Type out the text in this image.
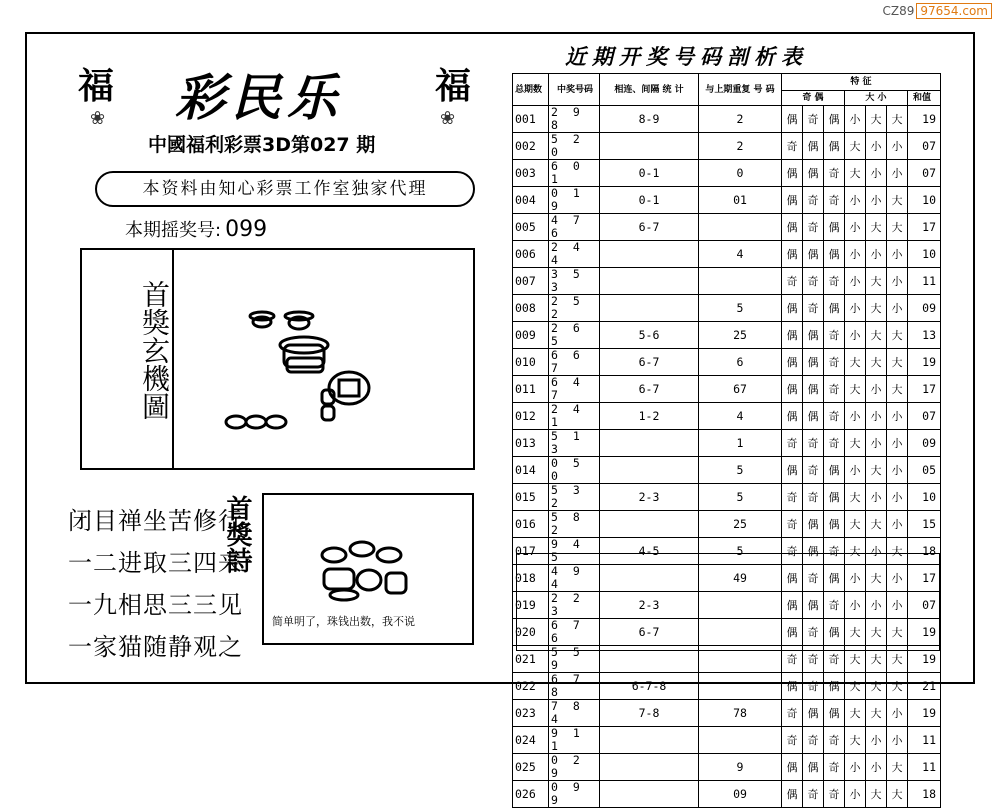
CZ89 97654.com
福
❀
福
❀
彩民乐
中國福利彩票3D第027 期
本资料由知心彩票工作室独家代理
本期摇奖号: 099
首獎玄機圖
闭目禅坐苦修行
一二进取三四来
一九相思三三见
一家猫随静观之
首獎詩
简单明了，珠钱出数，我不说
近期开奖号码剖析表
总期数	中奖号码	相连、间隔 统 计	与上期重复 号 码	特 征						
				奇 偶			大 小			和值
001	2 9 8	8-9	2	偶	奇	偶	小	大	大	19
002	5 2 0		2	奇	偶	偶	大	小	小	07
003	6 0 1	0-1	0	偶	偶	奇	大	小	小	07
004	0 1 9	0-1	01	偶	奇	奇	小	小	大	10
005	4 7 6	6-7		偶	奇	偶	小	大	大	17
006	2 4 4		4	偶	偶	偶	小	小	小	10
007	3 5 3			奇	奇	奇	小	大	小	11
008	2 5 2		5	偶	奇	偶	小	大	小	09
009	2 6 5	5-6	25	偶	偶	奇	小	大	大	13
010	6 6 7	6-7	6	偶	偶	奇	大	大	大	19
011	6 4 7	6-7	67	偶	偶	奇	大	小	大	17
012	2 4 1	1-2	4	偶	偶	奇	小	小	小	07
013	5 1 3		1	奇	奇	奇	大	小	小	09
014	0 5 0		5	偶	奇	偶	小	大	小	05
015	5 3 2	2-3	5	奇	奇	偶	大	小	小	10
016	5 8 2		25	奇	偶	偶	大	大	小	15
017	9 4 5	4-5	5	奇	偶	奇	大	小	大	18
018	4 9 4		49	偶	奇	偶	小	大	小	17
019	2 2 3	2-3		偶	偶	奇	小	小	小	07
020	6 7 6	6-7		偶	奇	偶	大	大	大	19
021	5 5 9			奇	奇	奇	大	大	大	19
022	6 7 8	6-7-8		偶	奇	偶	大	大	大	21
023	7 8 4	7-8	78	奇	偶	偶	大	大	小	19
024	9 1 1			奇	奇	奇	大	小	小	11
025	0 2 9		9	偶	偶	奇	小	小	大	11
026	0 9 9		09	偶	奇	奇	小	大	大	18
